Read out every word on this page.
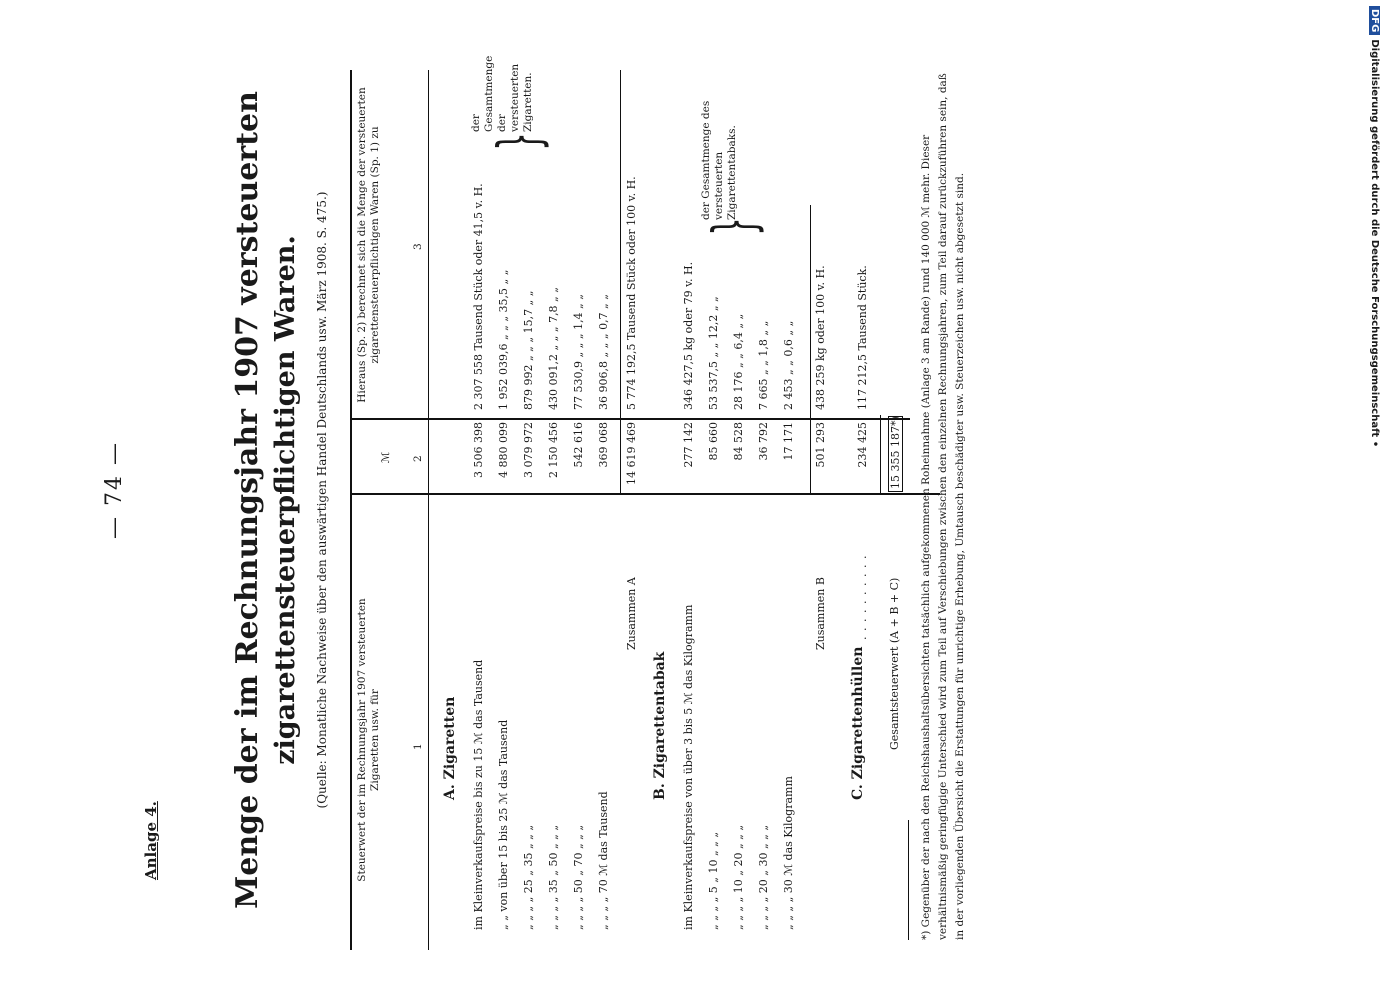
— 74 —
Anlage 4. Menge der im Rechnungsjahr 1907 versteuerten zigarettensteuerpflichtigen Waren. (Quelle: Monatliche Nachweise über den auswärtigen Handel Deutschlands usw. März 1908. S. 475.)	Steuerwert der im Rechnungsjahr 1907 versteuerten Zigaretten usw. für
ℳ
Hieraus (Sp. 2) berechnet sich die Menge der versteuerten zigarettensteuerpflichtigen Waren (Sp. 1) zu
1
2
3
A. Zigaretten im Kleinverkaufspreise bis zu 15 ℳ das Tausend
3 506 398
2 307 558 Tausend Stück oder 41,5 v. H.
„ „ von über 15 bis 25 ℳ das Tausend
4 880 099
1 952 039,6 „ „ „ 35,5 „ „
„ „ „ „ 25 „ 35 „ „ „
3 079 972
879 992 „ „ „ 15,7 „ „
„ „ „ „ 35 „ 50 „ „ „
2 150 456
430 091,2 „ „ „ 7,8 „ „
„ „ „ „ 50 „ 70 „ „ „
542 616
77 530,9 „ „ „ 1,4 „ „
„ „ „ „ 70 ℳ das Tausend
369 068
36 906,8 „ „ „ 0,7 „ „
Zusammen A
14 619 469
5 774 192,5 Tausend Stück oder 100 v. H.
}
der Gesamtmenge der versteuerten Zigaretten.
B. Zigarettentabak im Kleinverkaufspreise von über 3 bis 5 ℳ das Kilogramm
277 142
346 427,5 kg oder 79 v. H.
„ „ „ „ 5 „ 10 „ „ „
85 660
53 537,5 „ „ 12,2 „ „
„ „ „ „ 10 „ 20 „ „ „
84 528
28 176 „ „ 6,4 „ „
„ „ „ „ 20 „ 30 „ „ „
36 792
7 665 „ „ 1,8 „ „
„ „ „ „ 30 ℳ das Kilogramm
17 171
2 453 „ „ 0,6 „ „
Zusammen B
501 293
438 259 kg oder 100 v. H.
}
der Gesamtmenge des versteuerten Zigarettentabaks.
C. Zigarettenhüllen
. . . . . . . . . .
234 425
117 212,5 Tausend Stück.
Gesamtsteuerwert (A + B + C)
15 355 187*) *) Gegenüber der nach den Reichshaushaltsübersichten tatsächlich aufgekommenen Roheinnahme (Anlage 3 am Rande) rund 140 000 ℳ mehr. Dieser verhältnismäßig geringfügige Unterschied wird zum Teil auf Verschiebungen zwischen den einzelnen Rechnungsjahren, zum Teil darauf zurückzuführen sein, daß in der vorliegenden Übersicht die Erstattungen für unrichtige Erhebung, Umtausch beschädigter usw. Steuerzeichen usw. nicht abgesetzt sind.
DFGDigitalisierung gefördert durch die Deutsche Forschungsgemeinschaft •
